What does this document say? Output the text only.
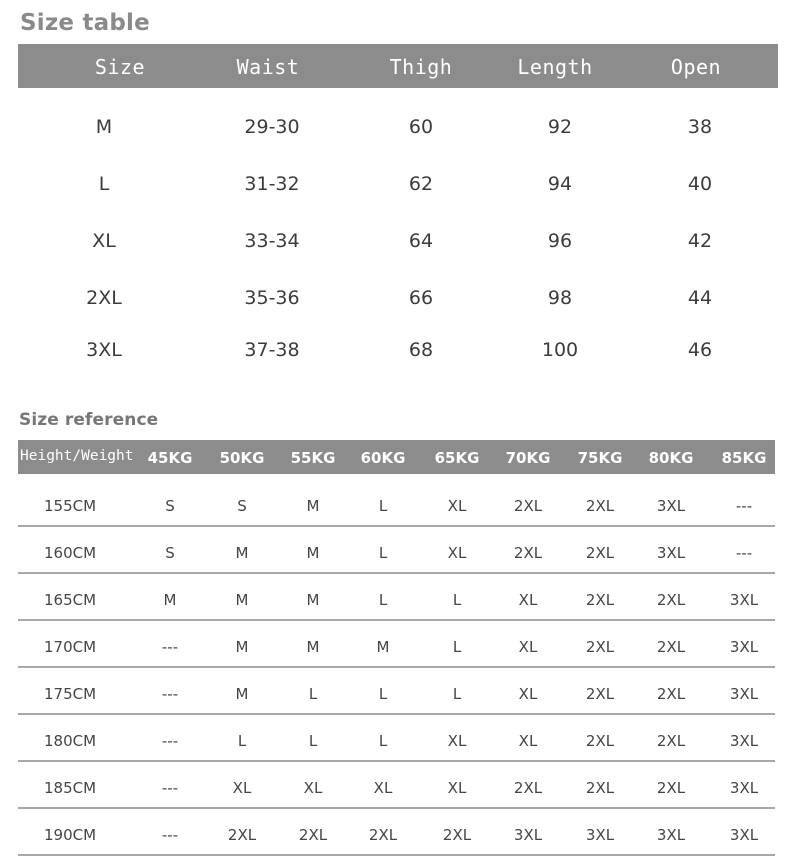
Size table
Size	Waist	Thigh	Length	Open
M	29-30	60	92	38
L	31-32	62	94	40
XL	33-34	64	96	42
2XL	35-36	66	98	44
3XL	37-38	68	100	46
Size reference
Height/Weight 45KG 50KG 55KG 60KG 65KG 70KG 75KG 80KG 85KG
155CM	S	S	M	L	XL	2XL	2XL	3XL	---
160CM	S	M	M	L	XL	2XL	2XL	3XL	---
165CM	M	M	M	L	L	XL	2XL	2XL	3XL
170CM	---	M	M	M	L	XL	2XL	2XL	3XL
175CM	---	M	L	L	L	XL	2XL	2XL	3XL
180CM	---	L	L	L	XL	XL	2XL	2XL	3XL
185CM	---	XL	XL	XL	XL	2XL	2XL	2XL	3XL
190CM	---	2XL	2XL	2XL	2XL	3XL	3XL	3XL	3XL
